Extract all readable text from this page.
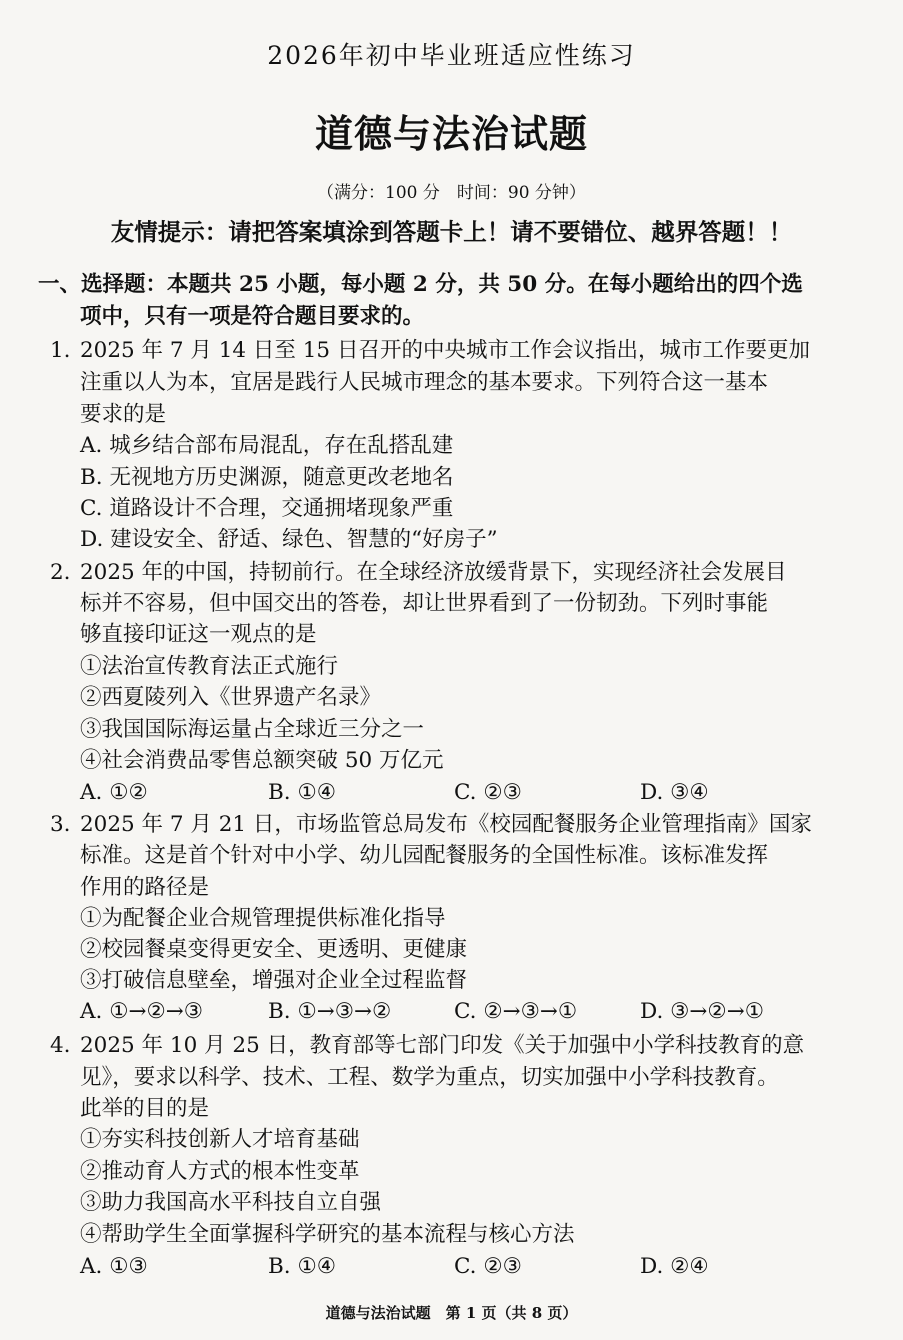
2026年初中毕业班适应性练习
道德与法治试题
（满分：100 分　时间：90 分钟）
友情提示：请把答案填涂到答题卡上！请不要错位、越界答题！！
一、选择题：本题共 25 小题，每小题 2 分，共 50 分。在每小题给出的四个选
项中，只有一项是符合题目要求的。
1. 2025 年 7 月 14 日至 15 日召开的中央城市工作会议指出，城市工作要更加
注重以人为本，宜居是践行人民城市理念的基本要求。下列符合这一基本
要求的是
A. 城乡结合部布局混乱，存在乱搭乱建
B. 无视地方历史渊源，随意更改老地名
C. 道路设计不合理，交通拥堵现象严重
D. 建设安全、舒适、绿色、智慧的“好房子”
2. 2025 年的中国，持韧前行。在全球经济放缓背景下，实现经济社会发展目
标并不容易，但中国交出的答卷，却让世界看到了一份韧劲。下列时事能
够直接印证这一观点的是
①法治宣传教育法正式施行
②西夏陵列入《世界遗产名录》
③我国国际海运量占全球近三分之一
④社会消费品零售总额突破 50 万亿元
A. ①②	B. ①④	C. ②③	D. ③④
3. 2025 年 7 月 21 日，市场监管总局发布《校园配餐服务企业管理指南》国家
标准。这是首个针对中小学、幼儿园配餐服务的全国性标准。该标准发挥
作用的路径是
①为配餐企业合规管理提供标准化指导
②校园餐桌变得更安全、更透明、更健康
③打破信息壁垒，增强对企业全过程监督
A. ①→②→③	B. ①→③→②	C. ②→③→①	D. ③→②→①
4. 2025 年 10 月 25 日，教育部等七部门印发《关于加强中小学科技教育的意
见》，要求以科学、技术、工程、数学为重点，切实加强中小学科技教育。
此举的目的是
①夯实科技创新人才培育基础
②推动育人方式的根本性变革
③助力我国高水平科技自立自强
④帮助学生全面掌握科学研究的基本流程与核心方法
A. ①③	B. ①④	C. ②③	D. ②④
道德与法治试题　第 1 页（共 8 页）
